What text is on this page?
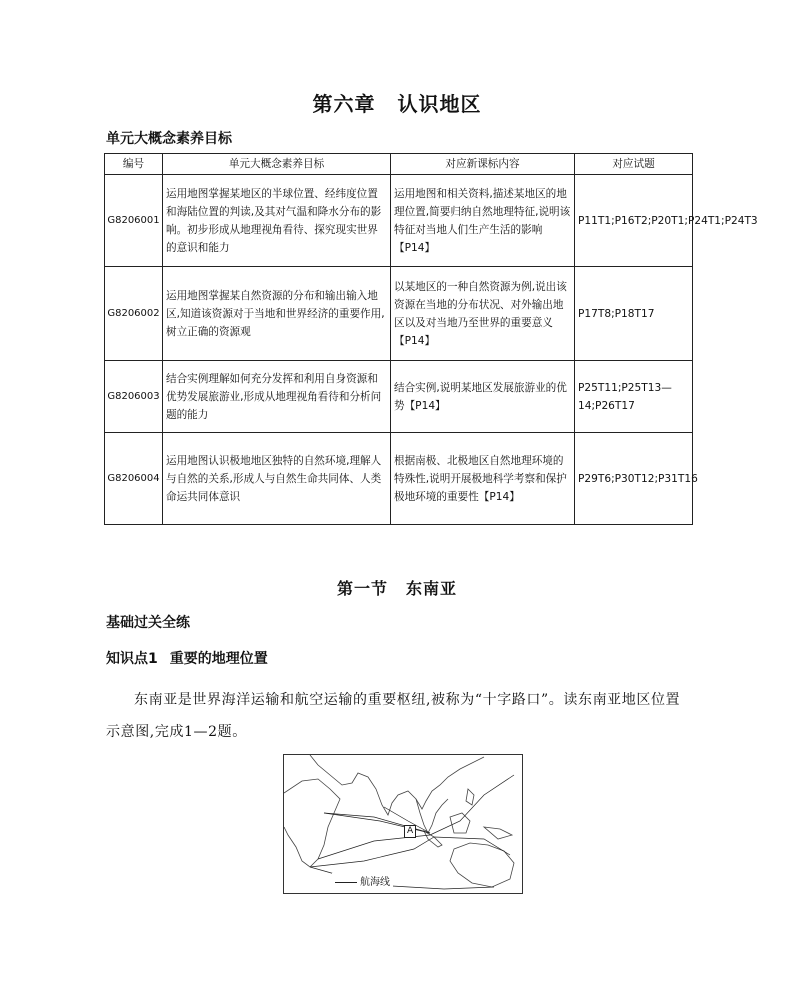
第六章 认识地区
单元大概念素养目标
编号	单元大概念素养目标	对应新课标内容	对应试题
G8206001	运用地图掌握某地区的半球位置、经纬度位置和海陆位置的判读,及其对气温和降水分布的影响。初步形成从地理视角看待、探究现实世界的意识和能力	运用地图和相关资料,描述某地区的地理位置,简要归纳自然地理特征,说明该特征对当地人们生产生活的影响【P14】	P11T1;P16T2;P20T1;P24T1;P24T3
G8206002	运用地图掌握某自然资源的分布和输出输入地区,知道该资源对于当地和世界经济的重要作用,树立正确的资源观	以某地区的一种自然资源为例,说出该资源在当地的分布状况、对外输出地区以及对当地乃至世界的重要意义【P14】	P17T8;P18T17
G8206003	结合实例理解如何充分发挥和利用自身资源和优势发展旅游业,形成从地理视角看待和分析问题的能力	结合实例,说明某地区发展旅游业的优势【P14】	P25T11;P25T13—14;P26T17
G8206004	运用地图认识极地地区独特的自然环境,理解人与自然的关系,形成人与自然生命共同体、人类命运共同体意识	根据南极、北极地区自然地理环境的特殊性,说明开展极地科学考察和保护极地环境的重要性【P14】	P29T6;P30T12;P31T16
第一节 东南亚
基础过关全练
知识点1 重要的地理位置
东南亚是世界海洋运输和航空运输的重要枢纽,被称为“十字路口”。读东南亚地区位置示意图,完成1—2题。
A
航海线
